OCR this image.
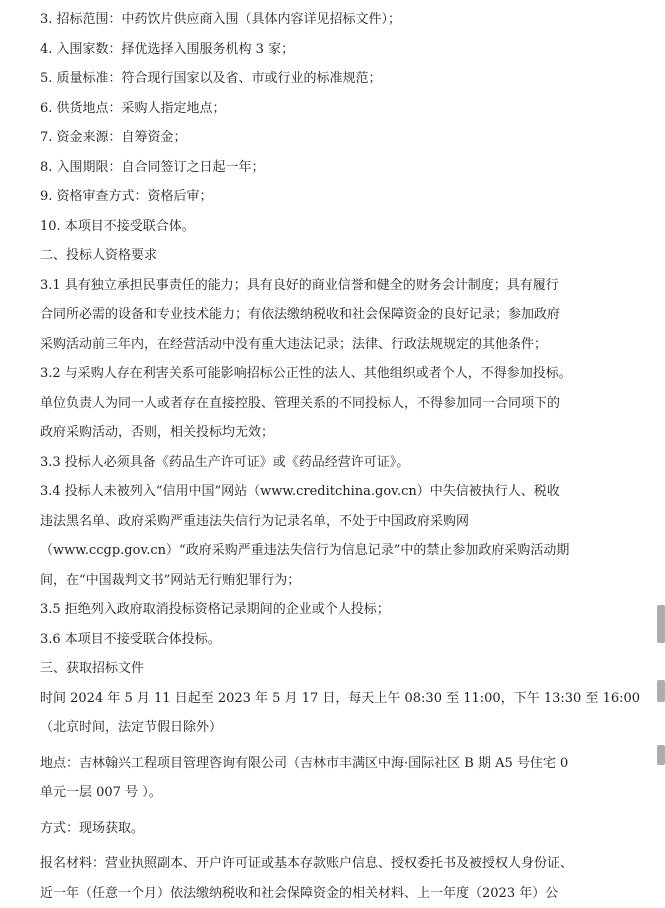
3. 招标范围：中药饮片供应商入围（具体内容详见招标文件）；
4. 入围家数：择优选择入围服务机构 3 家；
5. 质量标准：符合现行国家以及省、市或行业的标准规范；
6. 供货地点：采购人指定地点；
7. 资金来源：自筹资金；
8. 入围期限：自合同签订之日起一年；
9. 资格审查方式：资格后审；
10. 本项目不接受联合体。
二、投标人资格要求
3.1 具有独立承担民事责任的能力；具有良好的商业信誉和健全的财务会计制度；具有履行
合同所必需的设备和专业技术能力；有依法缴纳税收和社会保障资金的良好记录；参加政府
采购活动前三年内，在经营活动中没有重大违法记录；法律、行政法规规定的其他条件；
3.2 与采购人存在利害关系可能影响招标公正性的法人、其他组织或者个人，不得参加投标。
单位负责人为同一人或者存在直接控股、管理关系的不同投标人，不得参加同一合同项下的
政府采购活动，否则，相关投标均无效；
3.3 投标人必须具备《药品生产许可证》或《药品经营许可证》。
3.4 投标人未被列入“信用中国”网站（www.creditchina.gov.cn）中失信被执行人、税收
违法黑名单、政府采购严重违法失信行为记录名单，不处于中国政府采购网
（www.ccgp.gov.cn）“政府采购严重违法失信行为信息记录”中的禁止参加政府采购活动期
间，在“中国裁判文书”网站无行贿犯罪行为；
3.5 拒绝列入政府取消投标资格记录期间的企业或个人投标；
3.6 本项目不接受联合体投标。
三、获取招标文件
时间 2024 年 5 月 11 日起至 2023 年 5 月 17 日，每天上午 08:30 至 11:00，下午 13:30 至 16:00
（北京时间，法定节假日除外）
地点：吉林翰兴工程项目管理咨询有限公司（吉林市丰满区中海·国际社区 B 期 A5 号住宅 0
单元一层 007 号 ）。
方式：现场获取。
报名材料：营业执照副本、开户许可证或基本存款账户信息、授权委托书及被授权人身份证、
近一年（任意一个月）依法缴纳税收和社会保障资金的相关材料、上一年度（2023 年）公
